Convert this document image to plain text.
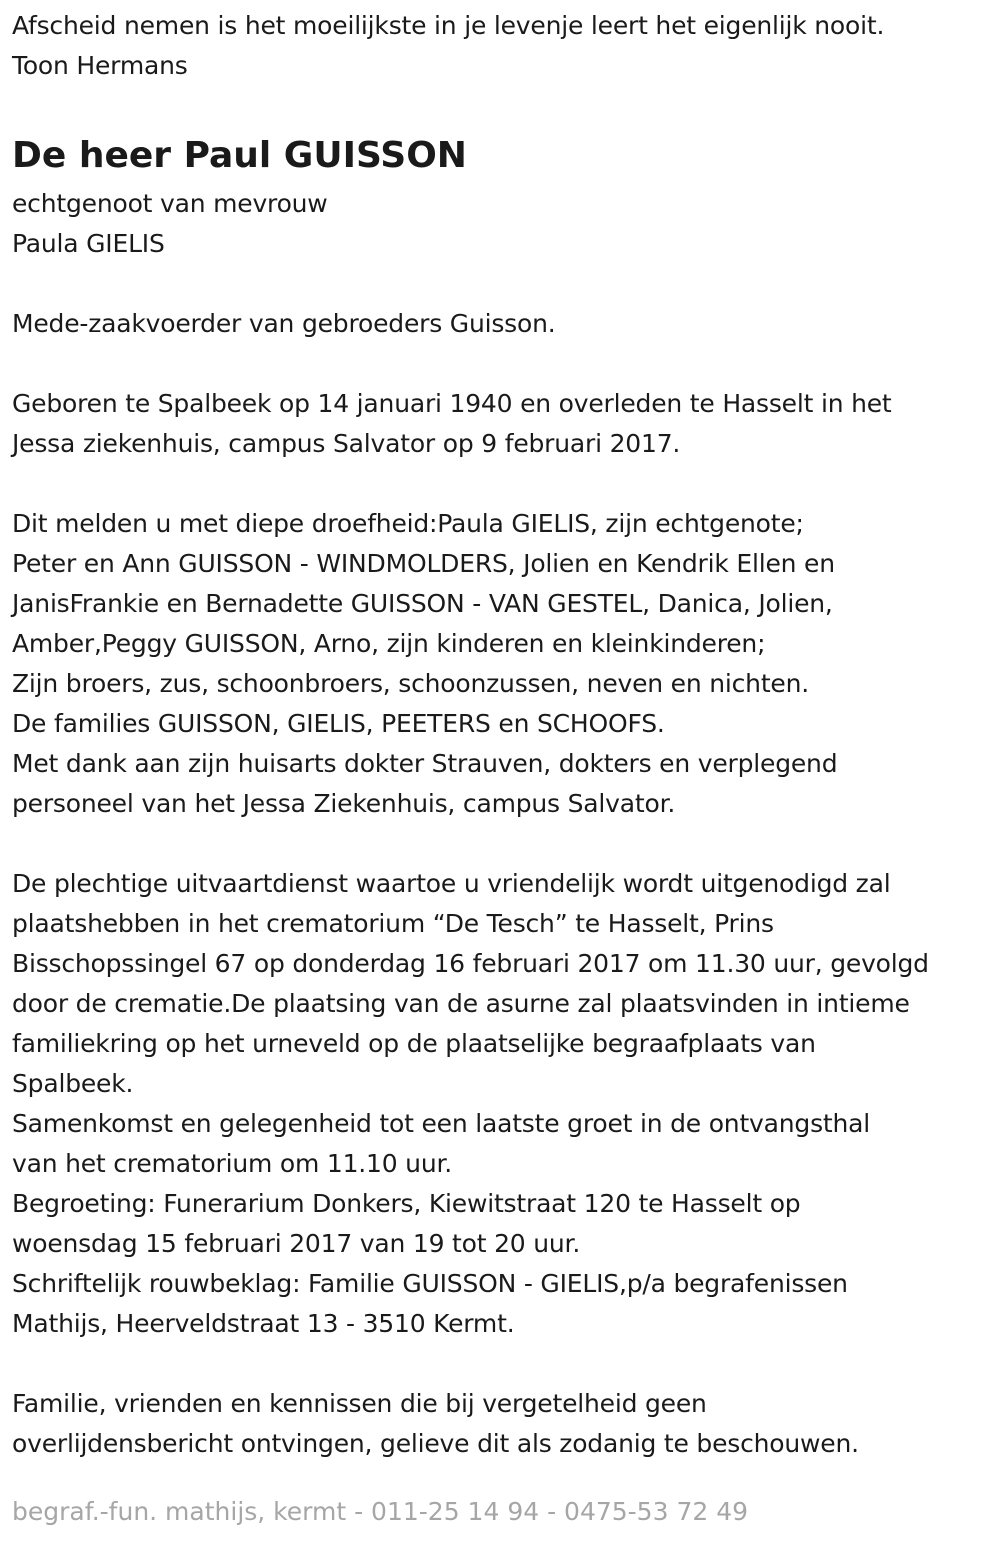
Afscheid nemen is het moeilijkste in je levenje leert het eigenlijk nooit.
Toon Hermans
De heer Paul GUISSON
echtgenoot van mevrouw
Paula GIELIS
Mede-zaakvoerder van gebroeders Guisson.
Geboren te Spalbeek op 14 januari 1940 en overleden te Hasselt in het
Jessa ziekenhuis, campus Salvator op 9 februari 2017.
Dit melden u met diepe droefheid:Paula GIELIS, zijn echtgenote;
Peter en Ann GUISSON - WINDMOLDERS, Jolien en Kendrik Ellen en
JanisFrankie en Bernadette GUISSON - VAN GESTEL, Danica, Jolien,
Amber,Peggy GUISSON, Arno, zijn kinderen en kleinkinderen;
Zijn broers, zus, schoonbroers, schoonzussen, neven en nichten.
De families GUISSON, GIELIS, PEETERS en SCHOOFS.
Met dank aan zijn huisarts dokter Strauven, dokters en verplegend
personeel van het Jessa Ziekenhuis, campus Salvator.
De plechtige uitvaartdienst waartoe u vriendelijk wordt uitgenodigd zal
plaatshebben in het crematorium “De Tesch” te Hasselt, Prins
Bisschopssingel 67 op donderdag 16 februari 2017 om 11.30 uur, gevolgd
door de crematie.De plaatsing van de asurne zal plaatsvinden in intieme
familiekring op het urneveld op de plaatselijke begraafplaats van
Spalbeek.
Samenkomst en gelegenheid tot een laatste groet in de ontvangsthal
van het crematorium om 11.10 uur.
Begroeting: Funerarium Donkers, Kiewitstraat 120 te Hasselt op
woensdag 15 februari 2017 van 19 tot 20 uur.
Schriftelijk rouwbeklag: Familie GUISSON - GIELIS,p/a begrafenissen
Mathijs, Heerveldstraat 13 - 3510 Kermt.
Familie, vrienden en kennissen die bij vergetelheid geen
overlijdensbericht ontvingen, gelieve dit als zodanig te beschouwen.
begraf.-fun. mathijs, kermt - 011-25 14 94 - 0475-53 72 49
